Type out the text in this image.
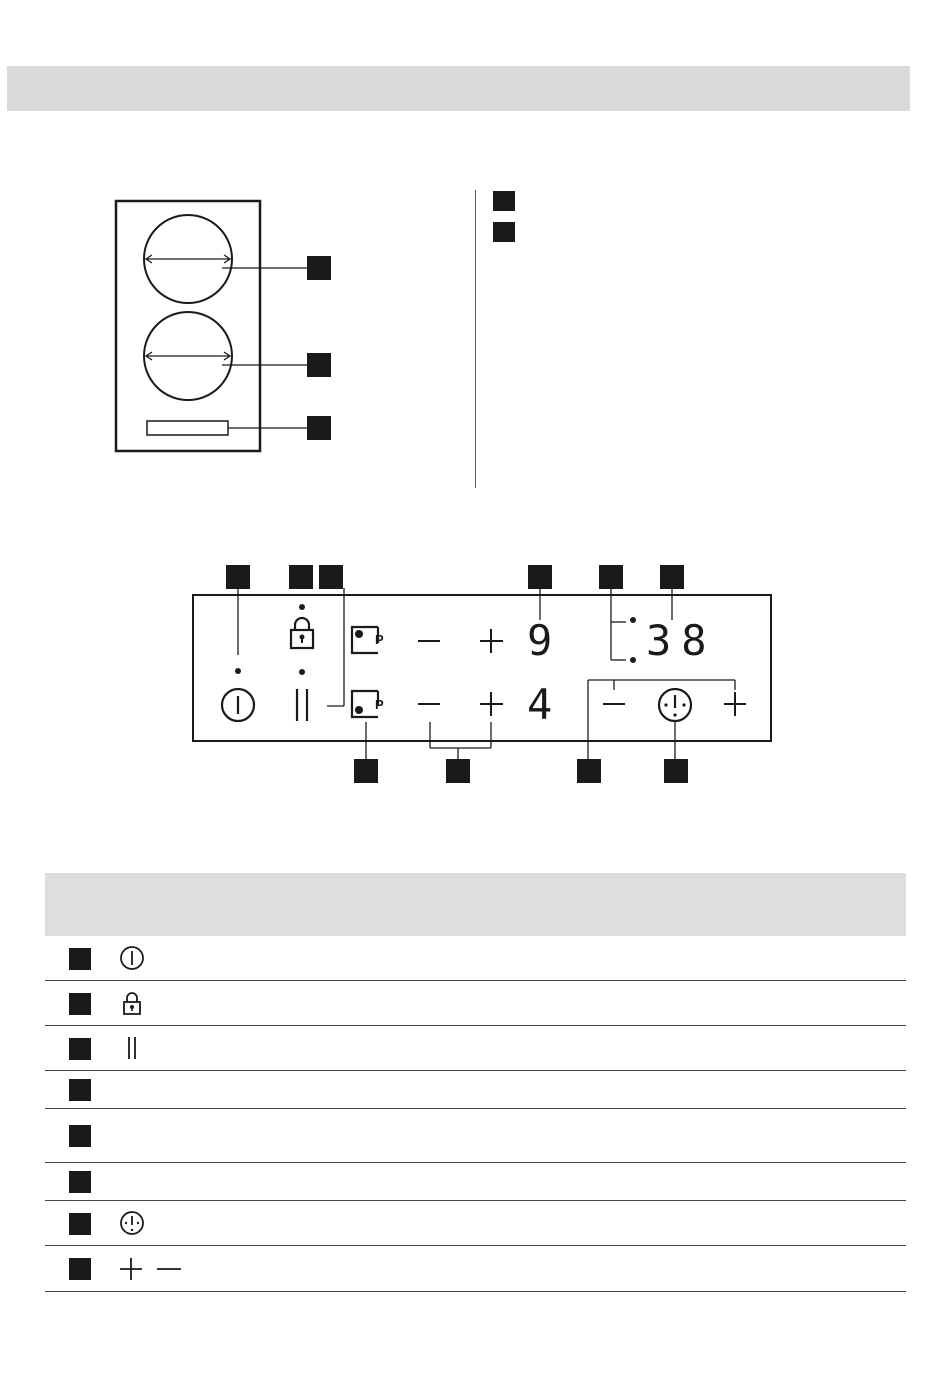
9
4
38
P
P
